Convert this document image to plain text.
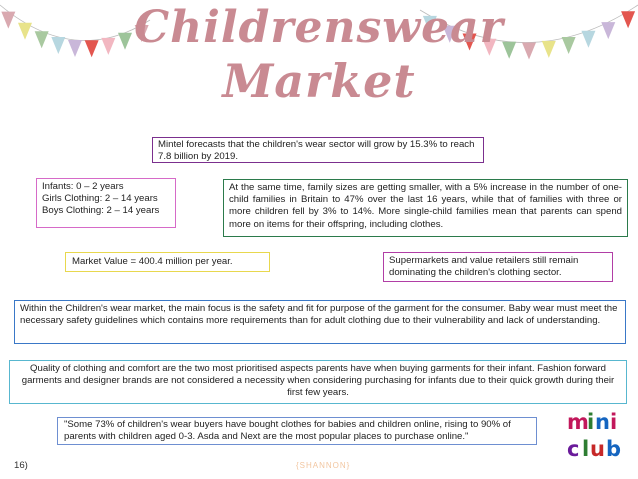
Childrenswear
Market
Mintel forecasts that the children's wear sector will grow by 15.3% to reach 7.8 billion by 2019.
Infants: 0 – 2 years
Girls Clothing: 2 – 14 years
Boys Clothing: 2 – 14 years
At the same time, family sizes are getting smaller, with a 5% increase in the number of one-child families in Britain to 47% over the last 16 years, while that of families with three or more children fell by 3% to 14%. More single-child families mean that parents can spend more on items for their offspring, including clothes.
Market Value = 400.4 million per year.	Supermarkets and value retailers still remain dominating the children's clothing sector.
Within the Children's wear market, the main focus is the safety and fit for purpose of the garment for the consumer. Baby wear must meet the necessary safety guidelines which contains more requirements than for adult clothing due to their vulnerability and lack of understanding.
Quality of clothing and comfort are the two most prioritised aspects parents have when buying garments for their infant. Fashion forward garments and designer brands are not considered a necessity when considering purchasing for infants due to their quick growth during their first few years.
"Some 73% of children's wear buyers have bought clothes for babies and children online, rising to 90% of parents with children aged 0-3. Asda and Next are the most popular places to purchase online."
16)	{SHANNON}
m
i n i
c l u b
